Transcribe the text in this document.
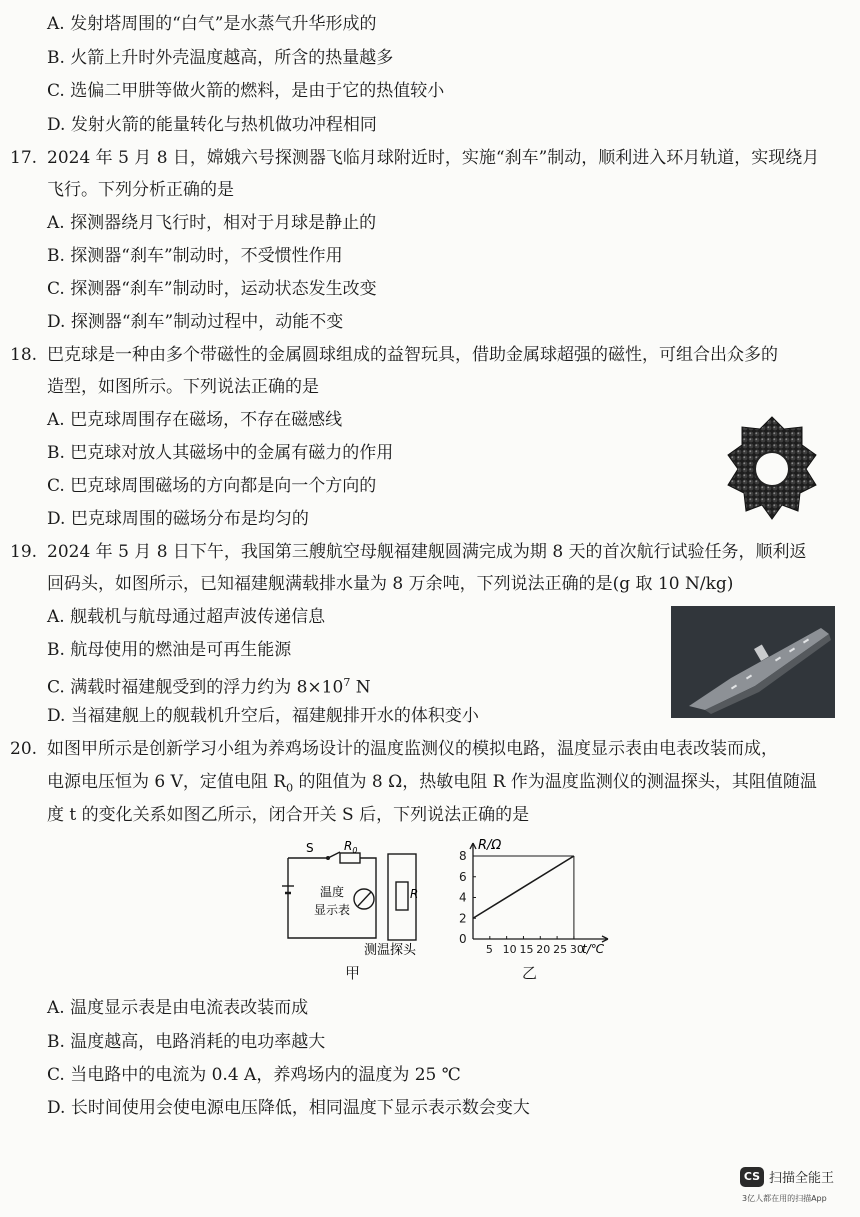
A. 发射塔周围的“白气”是水蒸气升华形成的
B. 火箭上升时外壳温度越高，所含的热量越多
C. 选偏二甲肼等做火箭的燃料，是由于它的热值较小
D. 发射火箭的能量转化与热机做功冲程相同
17. 2024 年 5 月 8 日，嫦娥六号探测器飞临月球附近时，实施“刹车”制动，顺利进入环月轨道，实现绕月
飞行。下列分析正确的是
A. 探测器绕月飞行时，相对于月球是静止的
B. 探测器“刹车”制动时，不受惯性作用
C. 探测器“刹车”制动时，运动状态发生改变
D. 探测器“刹车”制动过程中，动能不变
18. 巴克球是一种由多个带磁性的金属圆球组成的益智玩具，借助金属球超强的磁性，可组合出众多的
造型，如图所示。下列说法正确的是
A. 巴克球周围存在磁场，不存在磁感线
B. 巴克球对放人其磁场中的金属有磁力的作用
C. 巴克球周围磁场的方向都是向一个方向的
D. 巴克球周围的磁场分布是均匀的
19. 2024 年 5 月 8 日下午，我国第三艘航空母舰福建舰圆满完成为期 8 天的首次航行试验任务，顺利返
回码头，如图所示，已知福建舰满载排水量为 8 万余吨，下列说法正确的是(g 取 10 N/kg)
A. 舰载机与航母通过超声波传递信息
B. 航母使用的燃油是可再生能源
C. 满载时福建舰受到的浮力约为 $8\times 10^7$ N
D. 当福建舰上的舰载机升空后，福建舰排开水的体积变小
20. 如图甲所示是创新学习小组为养鸡场设计的温度监测仪的模拟电路，温度显示表由电表改装而成，
电源电压恒为 6 V，定值电阻 $R_0$ 的阻值为 8 Ω，热敏电阻 R 作为温度监测仪的测温探头，其阻值随温
度 t 的变化关系如图乙所示，闭合开关 S 后，下列说法正确的是
S	$R_0$
温度
显示表
R
测温探头
甲
0
2
4
6
8
5 10 15 20 25 30
R/Ω
t/℃
乙
A. 温度显示表是由电流表改装而成
B. 温度越高，电路消耗的电功率越大
C. 当电路中的电流为 0.4 A，养鸡场内的温度为 25 ℃
D. 长时间使用会使电源电压降低，相同温度下显示表示数会变大
CS 扫描全能王
3亿人都在用的扫描App
